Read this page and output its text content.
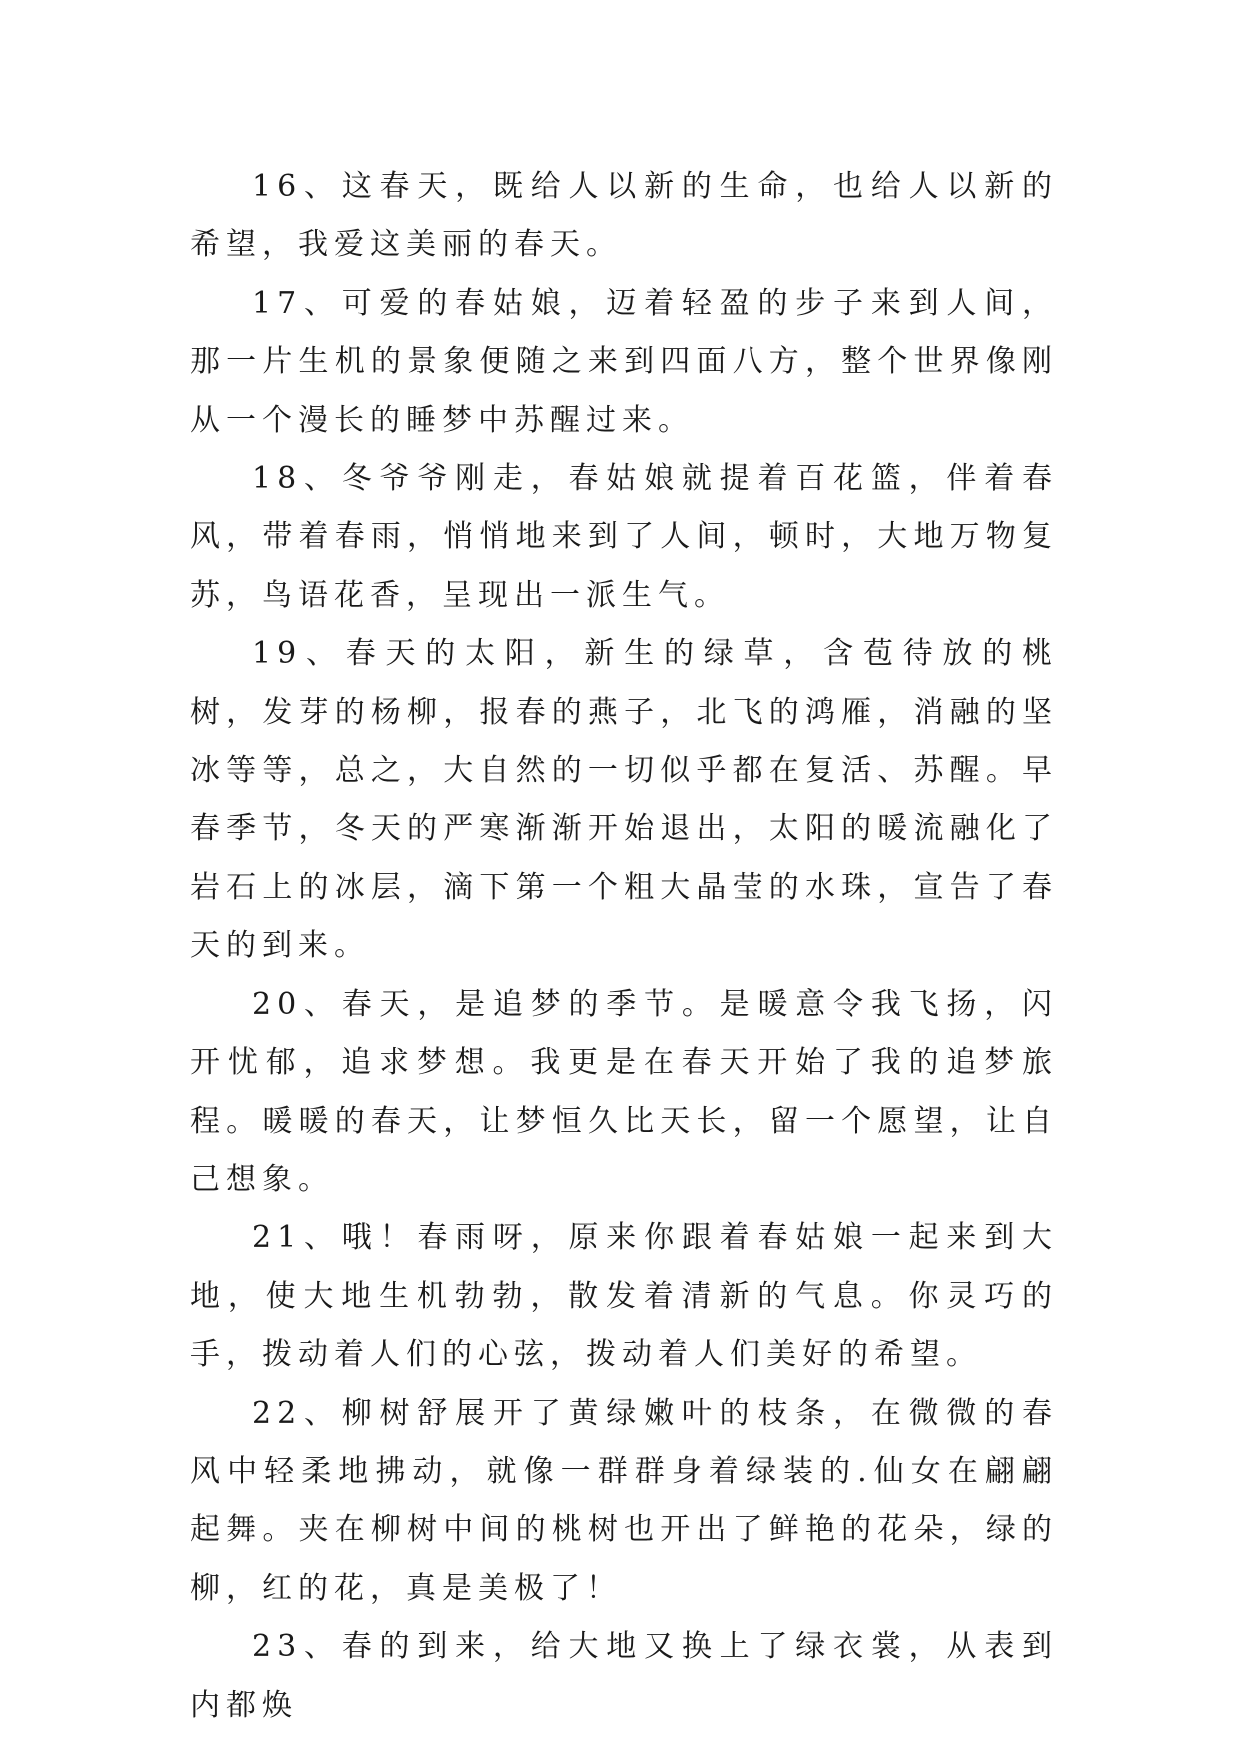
16、这春天，既给人以新的生命，也给人以新的希望，我爱这美丽的春天。

17、可爱的春姑娘，迈着轻盈的步子来到人间，那一片生机的景象便随之来到四面八方，整个世界像刚从一个漫长的睡梦中苏醒过来。

18、冬爷爷刚走，春姑娘就提着百花篮，伴着春风，带着春雨，悄悄地来到了人间，顿时，大地万物复苏，鸟语花香，呈现出一派生气。

19、春天的太阳，新生的绿草，含苞待放的桃树，发芽的杨柳，报春的燕子，北飞的鸿雁，消融的坚冰等等，总之，大自然的一切似乎都在复活、苏醒。早春季节，冬天的严寒渐渐开始退出，太阳的暖流融化了岩石上的冰层，滴下第一个粗大晶莹的水珠，宣告了春天的到来。

20、春天，是追梦的季节。是暖意令我飞扬，闪开忧郁，追求梦想。我更是在春天开始了我的追梦旅程。暖暖的春天，让梦恒久比天长，留一个愿望，让自己想象。

21、哦！春雨呀，原来你跟着春姑娘一起来到大地，使大地生机勃勃，散发着清新的气息。你灵巧的手，拨动着人们的心弦，拨动着人们美好的希望。

22、柳树舒展开了黄绿嫩叶的枝条，在微微的春风中轻柔地拂动，就像一群群身着绿装的.仙女在翩翩起舞。夹在柳树中间的桃树也开出了鲜艳的花朵，绿的柳，红的花，真是美极了！

23、春的到来，给大地又换上了绿衣裳，从表到内都焕
